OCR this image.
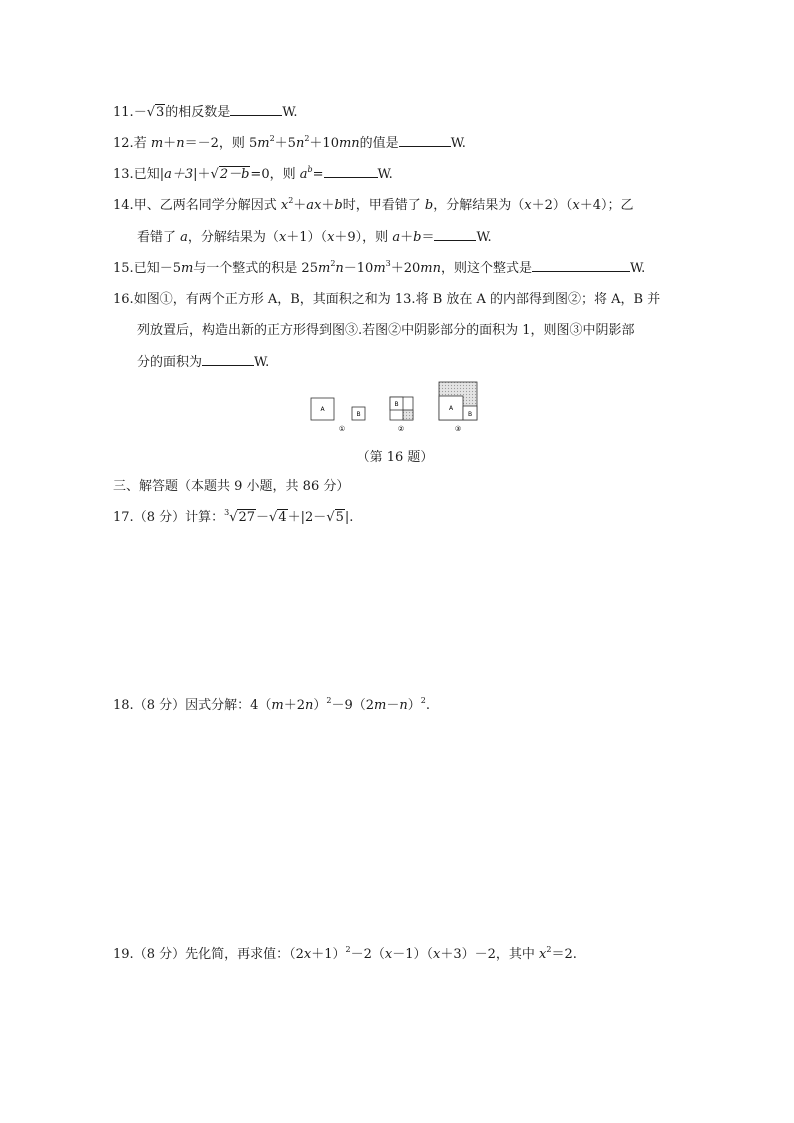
11.－√3的相反数是	W.
12.若 m＋n＝－2，则 $5m^2+5n^2+10mn$的值是	W.
13.已知|a＋3|＋√2－b=0，则 $a^b=$	W.
14.甲、乙两名同学分解因式 $x^2+ax+b$时，甲看错了 b，分解结果为（x＋2）（x＋4）；乙
看错了 a，分解结果为（x＋1）（x＋9），则 a＋b＝	W.
15.已知－5m与一个整式的积是 $25m^2n-10m^3+20mn$，则这个整式是	W.
16.如图①，有两个正方形 A，B，其面积之和为 13.将 B 放在 A 的内部得到图②；将 A，B 并
列放置后，构造出新的正方形得到图③.若图②中阴影部分的面积为 1，则图③中阴影部
分的面积为	W.
A
B
①
B
②
A
B
③
（第 16 题）
三、解答题（本题共 9 小题，共 86 分）
17.（8 分）计算：$^3$√27－√4＋|2－√5|.
18.（8 分）因式分解：$4(m+2n)^2-9(2m-n)^2$.
19.（8 分）先化简，再求值：$(2x+1)^2-2(x-1)(x+3)-2$，其中 $x^2=2$.
